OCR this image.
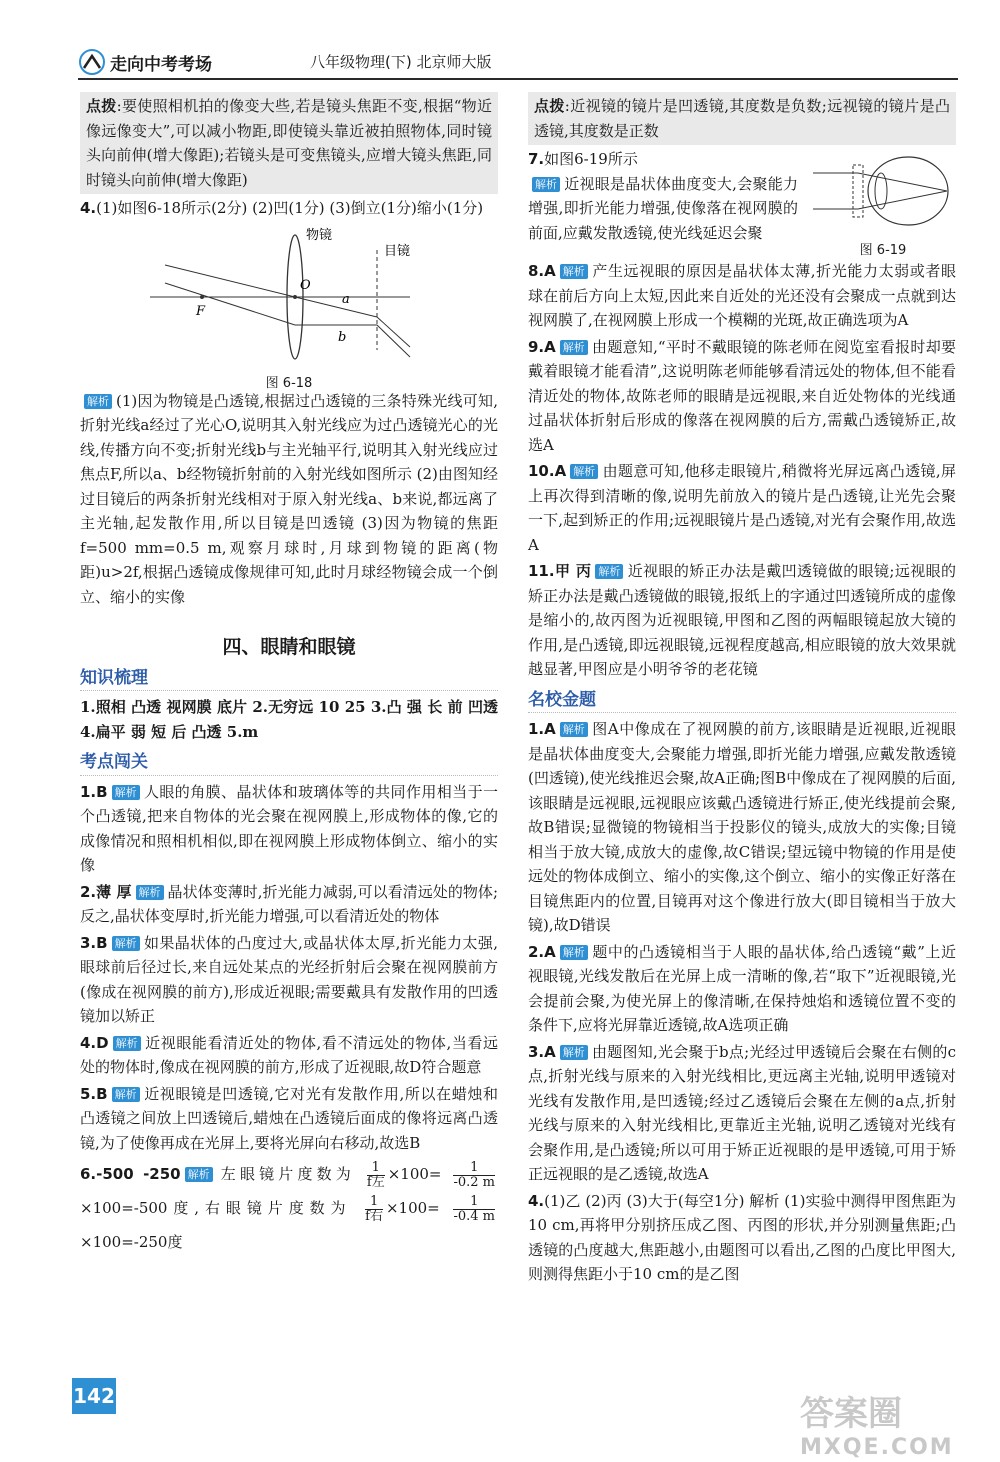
走向中考考场	八年级物理(下) 北京师大版

点拨:要使照相机拍的像变大些,若是镜头焦距不变,根据“物近像远像变大”,可以减小物距,即使镜头靠近被拍照物体,同时镜头向前伸(增大像距);若镜头是可变焦镜头,应增大镜头焦距,同时镜头向前伸(增大像距)

4.(1)如图6-18所示(2分) (2)凹(1分) (3)倒立(1分)缩小(1分)

物镜
目镜
O
F
a
b
图 6-18

解析 (1)因为物镜是凸透镜,根据过凸透镜的三条特殊光线可知,折射光线a经过了光心O,说明其入射光线应为过凸透镜光心的光线,传播方向不变;折射光线b与主光轴平行,说明其入射光线应过焦点F,所以a、b经物镜折射前的入射光线如图所示 (2)由图知经过目镜后的两条折射光线相对于原入射光线a、b来说,都远离了主光轴,起发散作用,所以目镜是凹透镜 (3)因为物镜的焦距f=500 mm=0.5 m,观察月球时,月球到物镜的距离(物距)u>2f,根据凸透镜成像规律可知,此时月球经物镜会成一个倒立、缩小的实像

四、眼睛和眼镜
知识梳理

1.照相 凸透 视网膜 底片 2.无穷远 10 25 3.凸 强 长 前 凹透 4.扁平 弱 短 后 凸透 5.m

考点闯关

1.B 解析 人眼的角膜、晶状体和玻璃体等的共同作用相当于一个凸透镜,把来自物体的光会聚在视网膜上,形成物体的像,它的成像情况和照相机相似,即在视网膜上形成物体倒立、缩小的实像

2.薄 厚 解析 晶状体变薄时,折光能力减弱,可以看清远处的物体;反之,晶状体变厚时,折光能力增强,可以看清近处的物体

3.B 解析 如果晶状体的凸度过大,或晶状体太厚,折光能力太强,眼球前后径过长,来自远处某点的光经折射后会聚在视网膜前方(像成在视网膜的前方),形成近视眼;需要戴具有发散作用的凹透镜加以矫正

4.D 解析 近视眼能看清近处的物体,看不清远处的物体,当看远处的物体时,像成在视网膜的前方,形成了近视眼,故D符合题意

5.B 解析 近视眼镜是凹透镜,它对光有发散作用,所以在蜡烛和凸透镜之间放上凹透镜后,蜡烛在凸透镜后面成的像将远离凸透镜,为了使像再成在光屏上,要将光屏向右移动,故选B

6.-500 -250 解析 左眼镜片度数为 $\frac{1}{\text{f左}} \times 100= \frac{1}{-0.2 m}$
×100=-500度,右眼镜片度数为 $\frac{1}{\text{f右}} \times 100= \frac{1}{-0.4 m}$
×100=-250度

点拨:近视镜的镜片是凹透镜,其度数是负数;远视镜的镜片是凸透镜,其度数是正数

7.如图6-19所示
解析 近视眼是晶状体曲度变大,会聚能力增强,即折光能力增强,使像落在视网膜的前面,应戴发散透镜,使光线延迟会聚

图 6-19

8.A 解析 产生远视眼的原因是晶状体太薄,折光能力太弱或者眼球在前后方向上太短,因此来自近处的光还没有会聚成一点就到达视网膜了,在视网膜上形成一个模糊的光斑,故正确选项为A

9.A 解析 由题意知,“平时不戴眼镜的陈老师在阅览室看报时却要戴着眼镜才能看清”,这说明陈老师能够看清远处的物体,但不能看清近处的物体,故陈老师的眼睛是远视眼,来自近处物体的光线通过晶状体折射后形成的像落在视网膜的后方,需戴凸透镜矫正,故选A

10.A 解析 由题意可知,他移走眼镜片,稍微将光屏远离凸透镜,屏上再次得到清晰的像,说明先前放入的镜片是凸透镜,让光先会聚一下,起到矫正的作用;远视眼镜片是凸透镜,对光有会聚作用,故选A

11.甲 丙 解析 近视眼的矫正办法是戴凹透镜做的眼镜;远视眼的矫正办法是戴凸透镜做的眼镜,报纸上的字通过凹透镜所成的虚像是缩小的,故丙图为近视眼镜,甲图和乙图的两幅眼镜起放大镜的作用,是凸透镜,即远视眼镜,远视程度越高,相应眼镜的放大效果就越显著,甲图应是小明爷爷的老花镜

名校金题

1.A 解析 图A中像成在了视网膜的前方,该眼睛是近视眼,近视眼是晶状体曲度变大,会聚能力增强,即折光能力增强,应戴发散透镜(凹透镜),使光线推迟会聚,故A正确;图B中像成在了视网膜的后面,该眼睛是远视眼,远视眼应该戴凸透镜进行矫正,使光线提前会聚,故B错误;显微镜的物镜相当于投影仪的镜头,成放大的实像;目镜相当于放大镜,成放大的虚像,故C错误;望远镜中物镜的作用是使远处的物体成倒立、缩小的实像,这个倒立、缩小的实像正好落在目镜焦距内的位置,目镜再对这个像进行放大(即目镜相当于放大镜),故D错误

2.A 解析 题中的凸透镜相当于人眼的晶状体,给凸透镜“戴”上近视眼镜,光线发散后在光屏上成一清晰的像,若“取下”近视眼镜,光会提前会聚,为使光屏上的像清晰,在保持烛焰和透镜位置不变的条件下,应将光屏靠近透镜,故A选项正确

3.A 解析 由题图知,光会聚于b点;光经过甲透镜后会聚在右侧的c点,折射光线与原来的入射光线相比,更远离主光轴,说明甲透镜对光线有发散作用,是凹透镜;经过乙透镜后会聚在左侧的a点,折射光线与原来的入射光线相比,更靠近主光轴,说明乙透镜对光线有会聚作用,是凸透镜;所以可用于矫正近视眼的是甲透镜,可用于矫正远视眼的是乙透镜,故选A

4.(1)乙 (2)丙 (3)大于(每空1分) 解析 (1)实验中测得甲图焦距为10 cm,再将甲分别挤压成乙图、丙图的形状,并分别测量焦距;凸透镜的凸度越大,焦距越小,由题图可以看出,乙图的凸度比甲图大,则测得焦距小于10 cm的是乙图

142	答案圈
MXQE.COM
